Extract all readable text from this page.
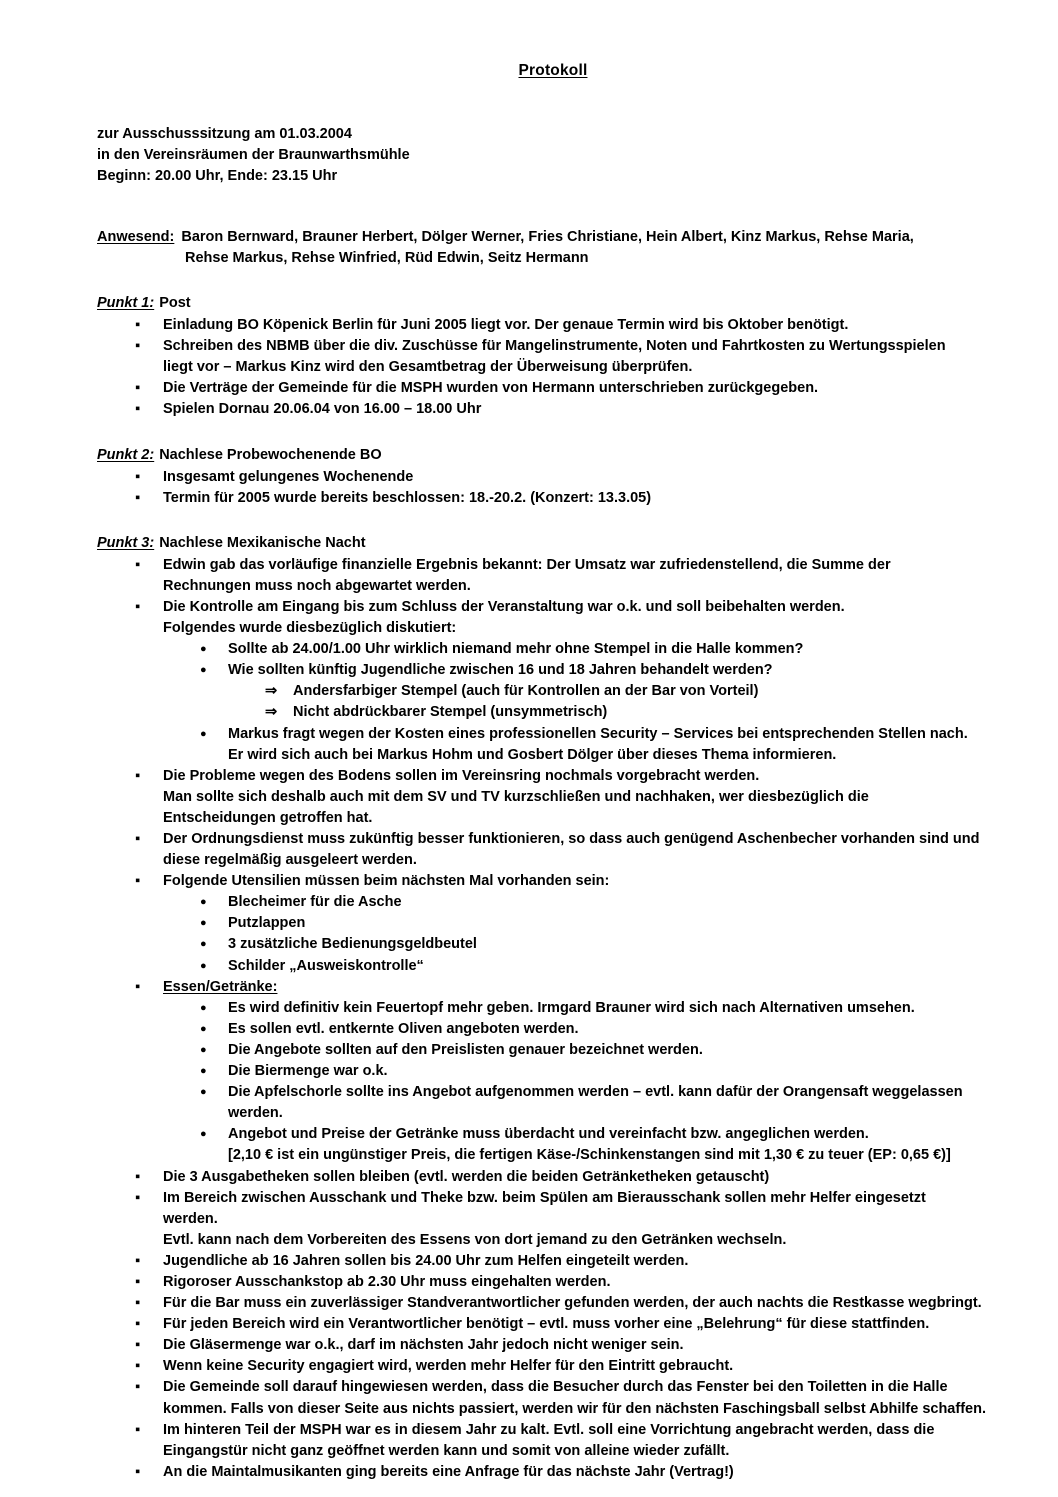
Protokoll
zur Ausschusssitzung am 01.03.2004
in den Vereinsräumen der Braunwarthsmühle
Beginn: 20.00 Uhr, Ende: 23.15 Uhr
Anwesend: Baron Bernward, Brauner Herbert, Dölger Werner, Fries Christiane, Hein Albert, Kinz Markus, Rehse Maria,
Rehse Markus, Rehse Winfried, Rüd Edwin, Seitz Hermann
Punkt 1: Post
▪ Einladung BO Köpenick Berlin für Juni 2005 liegt vor. Der genaue Termin wird bis Oktober benötigt.
▪ Schreiben des NBMB über die div. Zuschüsse für Mangelinstrumente, Noten und Fahrtkosten zu Wertungsspielen
liegt vor – Markus Kinz wird den Gesamtbetrag der Überweisung überprüfen.
▪ Die Verträge der Gemeinde für die MSPH wurden von Hermann unterschrieben zurückgegeben.
▪ Spielen Dornau 20.06.04 von 16.00 – 18.00 Uhr
Punkt 2: Nachlese Probewochenende BO
▪ Insgesamt gelungenes Wochenende
▪ Termin für 2005 wurde bereits beschlossen: 18.-20.2. (Konzert: 13.3.05)
Punkt 3: Nachlese Mexikanische Nacht
▪ Edwin gab das vorläufige finanzielle Ergebnis bekannt: Der Umsatz war zufriedenstellend, die Summe der
Rechnungen muss noch abgewartet werden.
▪ Die Kontrolle am Eingang bis zum Schluss der Veranstaltung war o.k. und soll beibehalten werden.
Folgendes wurde diesbezüglich diskutiert:
● Sollte ab 24.00/1.00 Uhr wirklich niemand mehr ohne Stempel in die Halle kommen?
● Wie sollten künftig Jugendliche zwischen 16 und 18 Jahren behandelt werden?
⇒ Andersfarbiger Stempel (auch für Kontrollen an der Bar von Vorteil)
⇒ Nicht abdrückbarer Stempel (unsymmetrisch)
● Markus fragt wegen der Kosten eines professionellen Security – Services bei entsprechenden Stellen nach.
Er wird sich auch bei Markus Hohm und Gosbert Dölger über dieses Thema informieren.
▪ Die Probleme wegen des Bodens sollen im Vereinsring nochmals vorgebracht werden.
Man sollte sich deshalb auch mit dem SV und TV kurzschließen und nachhaken, wer diesbezüglich die
Entscheidungen getroffen hat.
▪ Der Ordnungsdienst muss zukünftig besser funktionieren, so dass auch genügend Aschenbecher vorhanden sind und
diese regelmäßig ausgeleert werden.
▪ Folgende Utensilien müssen beim nächsten Mal vorhanden sein:
● Blecheimer für die Asche
● Putzlappen
● 3 zusätzliche Bedienungsgeldbeutel
● Schilder „Ausweiskontrolle“
▪ Essen/Getränke:

● Es wird definitiv kein Feuertopf mehr geben. Irmgard Brauner wird sich nach Alternativen umsehen.
● Es sollen evtl. entkernte Oliven angeboten werden.
● Die Angebote sollten auf den Preislisten genauer bezeichnet werden.
● Die Biermenge war o.k.
● Die Apfelschorle sollte ins Angebot aufgenommen werden – evtl. kann dafür der Orangensaft weggelassen
werden.
● Angebot und Preise der Getränke muss überdacht und vereinfacht bzw. angeglichen werden.
[2,10 € ist ein ungünstiger Preis, die fertigen Käse-/Schinkenstangen sind mit 1,30 € zu teuer (EP: 0,65 €)]
▪ Die 3 Ausgabetheken sollen bleiben (evtl. werden die beiden Getränketheken getauscht)
▪ Im Bereich zwischen Ausschank und Theke bzw. beim Spülen am Bierausschank sollen mehr Helfer eingesetzt
werden.
Evtl. kann nach dem Vorbereiten des Essens von dort jemand zu den Getränken wechseln.
▪ Jugendliche ab 16 Jahren sollen bis 24.00 Uhr zum Helfen eingeteilt werden.
▪ Rigoroser Ausschankstop ab 2.30 Uhr muss eingehalten werden.
▪ Für die Bar muss ein zuverlässiger Standverantwortlicher gefunden werden, der auch nachts die Restkasse wegbringt.
▪ Für jeden Bereich wird ein Verantwortlicher benötigt – evtl. muss vorher eine „Belehrung“ für diese stattfinden.
▪ Die Gläsermenge war o.k., darf im nächsten Jahr jedoch nicht weniger sein.
▪ Wenn keine Security engagiert wird, werden mehr Helfer für den Eintritt gebraucht.
▪ Die Gemeinde soll darauf hingewiesen werden, dass die Besucher durch das Fenster bei den Toiletten in die Halle
kommen. Falls von dieser Seite aus nichts passiert, werden wir für den nächsten Faschingsball selbst Abhilfe schaffen.
▪ Im hinteren Teil der MSPH war es in diesem Jahr zu kalt. Evtl. soll eine Vorrichtung angebracht werden, dass die
Eingangstür nicht ganz geöffnet werden kann und somit von alleine wieder zufällt.
▪ An die Maintalmusikanten ging bereits eine Anfrage für das nächste Jahr (Vertrag!)
